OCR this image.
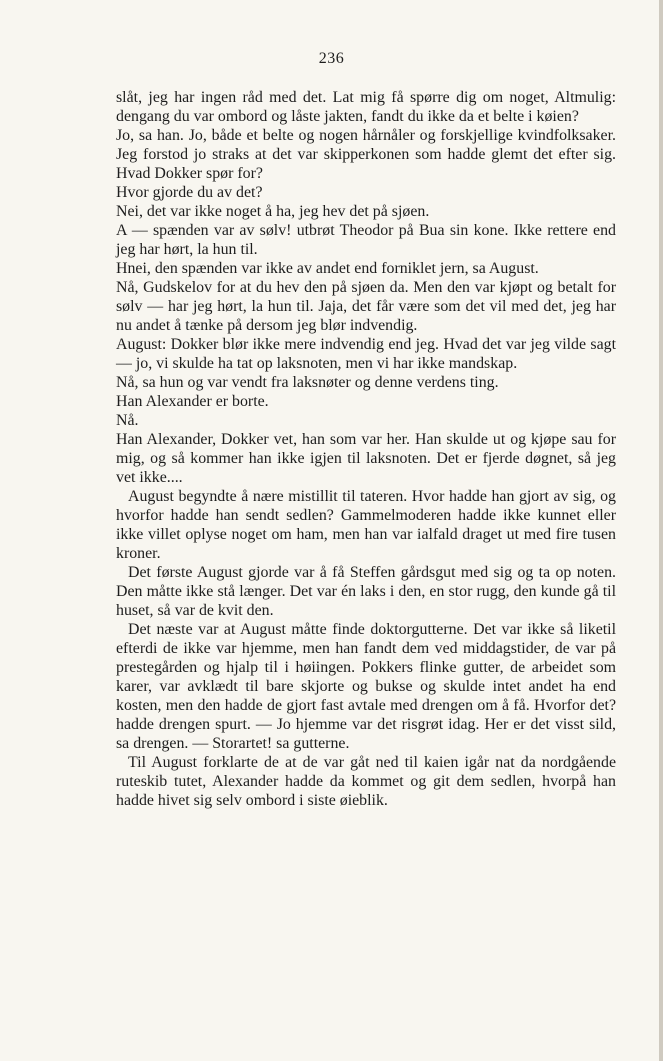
236

slåt, jeg har ingen råd med det. Lat mig få spørre dig om noget, Altmulig: dengang du var ombord og låste jakten, fandt du ikke da et belte i køien?

Jo, sa han. Jo, både et belte og nogen hårnåler og forskjellige kvindfolksaker. Jeg forstod jo straks at det var skipperkonen som hadde glemt det efter sig. Hvad Dokker spør for?

Hvor gjorde du av det?

Nei, det var ikke noget å ha, jeg hev det på sjøen.

A — spænden var av sølv! utbrøt Theodor på Bua sin kone. Ikke rettere end jeg har hørt, la hun til.

Hnei, den spænden var ikke av andet end forniklet jern, sa August.

Nå, Gudskelov for at du hev den på sjøen da. Men den var kjøpt og betalt for sølv — har jeg hørt, la hun til. Jaja, det får være som det vil med det, jeg har nu andet å tænke på dersom jeg blør indvendig.

August: Dokker blør ikke mere indvendig end jeg. Hvad det var jeg vilde sagt — jo, vi skulde ha tat op laksnoten, men vi har ikke mandskap.

Nå, sa hun og var vendt fra laksnøter og denne verdens ting.

Han Alexander er borte.

Nå.

Han Alexander, Dokker vet, han som var her. Han skulde ut og kjøpe sau for mig, og så kommer han ikke igjen til laksnoten. Det er fjerde døgnet, så jeg vet ikke....

August begyndte å nære mistillit til tateren. Hvor hadde han gjort av sig, og hvorfor hadde han sendt sedlen? Gammelmoderen hadde ikke kunnet eller ikke villet oplyse noget om ham, men han var ialfald draget ut med fire tusen kroner.

Det første August gjorde var å få Steffen gårdsgut med sig og ta op noten. Den måtte ikke stå længer. Det var én laks i den, en stor rugg, den kunde gå til huset, så var de kvit den.

Det næste var at August måtte finde doktorgutterne. Det var ikke så liketil efterdi de ikke var hjemme, men han fandt dem ved middagstider, de var på prestegården og hjalp til i høiingen. Pokkers flinke gutter, de arbeidet som karer, var avklædt til bare skjorte og bukse og skulde intet andet ha end kosten, men den hadde de gjort fast avtale med drengen om å få. Hvorfor det? hadde drengen spurt. — Jo hjemme var det risgrøt idag. Her er det visst sild, sa drengen. — Storartet! sa gutterne.

Til August forklarte de at de var gåt ned til kaien igår nat da nordgående ruteskib tutet, Alexander hadde da kommet og git dem sedlen, hvorpå han hadde hivet sig selv ombord i siste øieblik.
